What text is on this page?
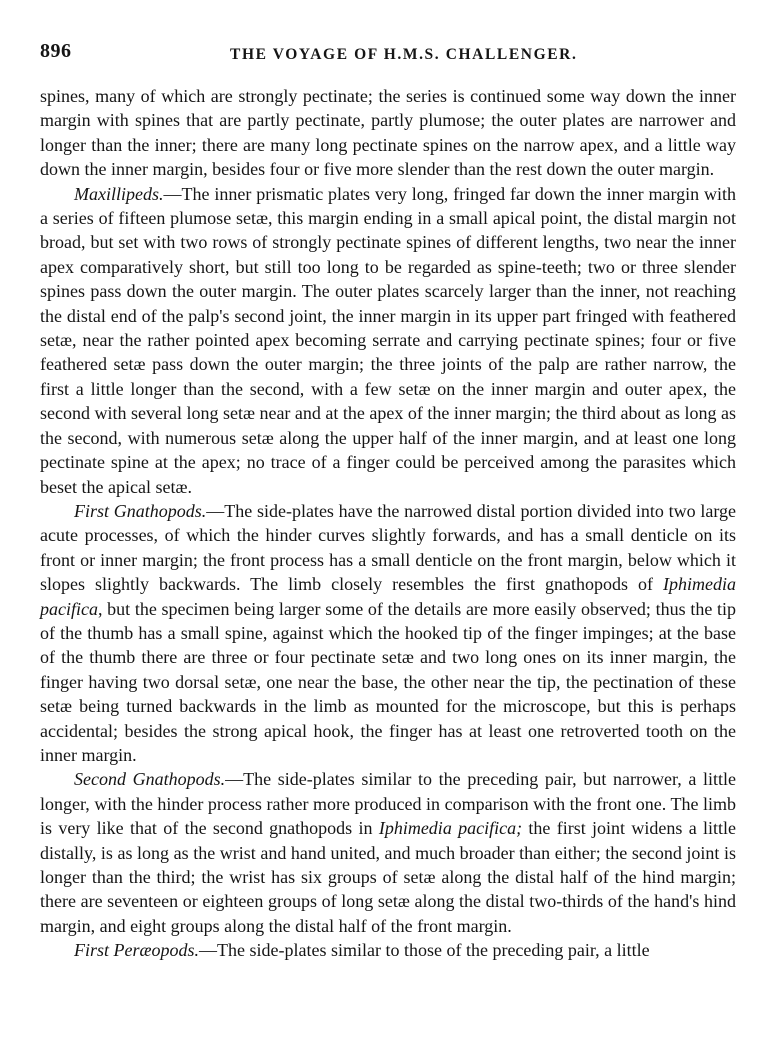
896	THE VOYAGE OF H.M.S. CHALLENGER.

spines, many of which are strongly pectinate; the series is continued some way down the inner margin with spines that are partly pectinate, partly plumose; the outer plates are narrower and longer than the inner; there are many long pectinate spines on the narrow apex, and a little way down the inner margin, besides four or five more slender than the rest down the outer margin.

Maxillipeds.—The inner prismatic plates very long, fringed far down the inner margin with a series of fifteen plumose setæ, this margin ending in a small apical point, the distal margin not broad, but set with two rows of strongly pectinate spines of different lengths, two near the inner apex comparatively short, but still too long to be regarded as spine-teeth; two or three slender spines pass down the outer margin. The outer plates scarcely larger than the inner, not reaching the distal end of the palp's second joint, the inner margin in its upper part fringed with feathered setæ, near the rather pointed apex becoming serrate and carrying pectinate spines; four or five feathered setæ pass down the outer margin; the three joints of the palp are rather narrow, the first a little longer than the second, with a few setæ on the inner margin and outer apex, the second with several long setæ near and at the apex of the inner margin; the third about as long as the second, with numerous setæ along the upper half of the inner margin, and at least one long pectinate spine at the apex; no trace of a finger could be perceived among the parasites which beset the apical setæ.

First Gnathopods.—The side-plates have the narrowed distal portion divided into two large acute processes, of which the hinder curves slightly forwards, and has a small denticle on its front or inner margin; the front process has a small denticle on the front margin, below which it slopes slightly backwards. The limb closely resembles the first gnathopods of Iphimedia pacifica, but the specimen being larger some of the details are more easily observed; thus the tip of the thumb has a small spine, against which the hooked tip of the finger impinges; at the base of the thumb there are three or four pectinate setæ and two long ones on its inner margin, the finger having two dorsal setæ, one near the base, the other near the tip, the pectination of these setæ being turned backwards in the limb as mounted for the microscope, but this is perhaps accidental; besides the strong apical hook, the finger has at least one retroverted tooth on the inner margin.

Second Gnathopods.—The side-plates similar to the preceding pair, but narrower, a little longer, with the hinder process rather more produced in comparison with the front one. The limb is very like that of the second gnathopods in Iphimedia pacifica; the first joint widens a little distally, is as long as the wrist and hand united, and much broader than either; the second joint is longer than the third; the wrist has six groups of setæ along the distal half of the hind margin; there are seventeen or eighteen groups of long setæ along the distal two-thirds of the hand's hind margin, and eight groups along the distal half of the front margin.

First Peræopods.—The side-plates similar to those of the preceding pair, a little
